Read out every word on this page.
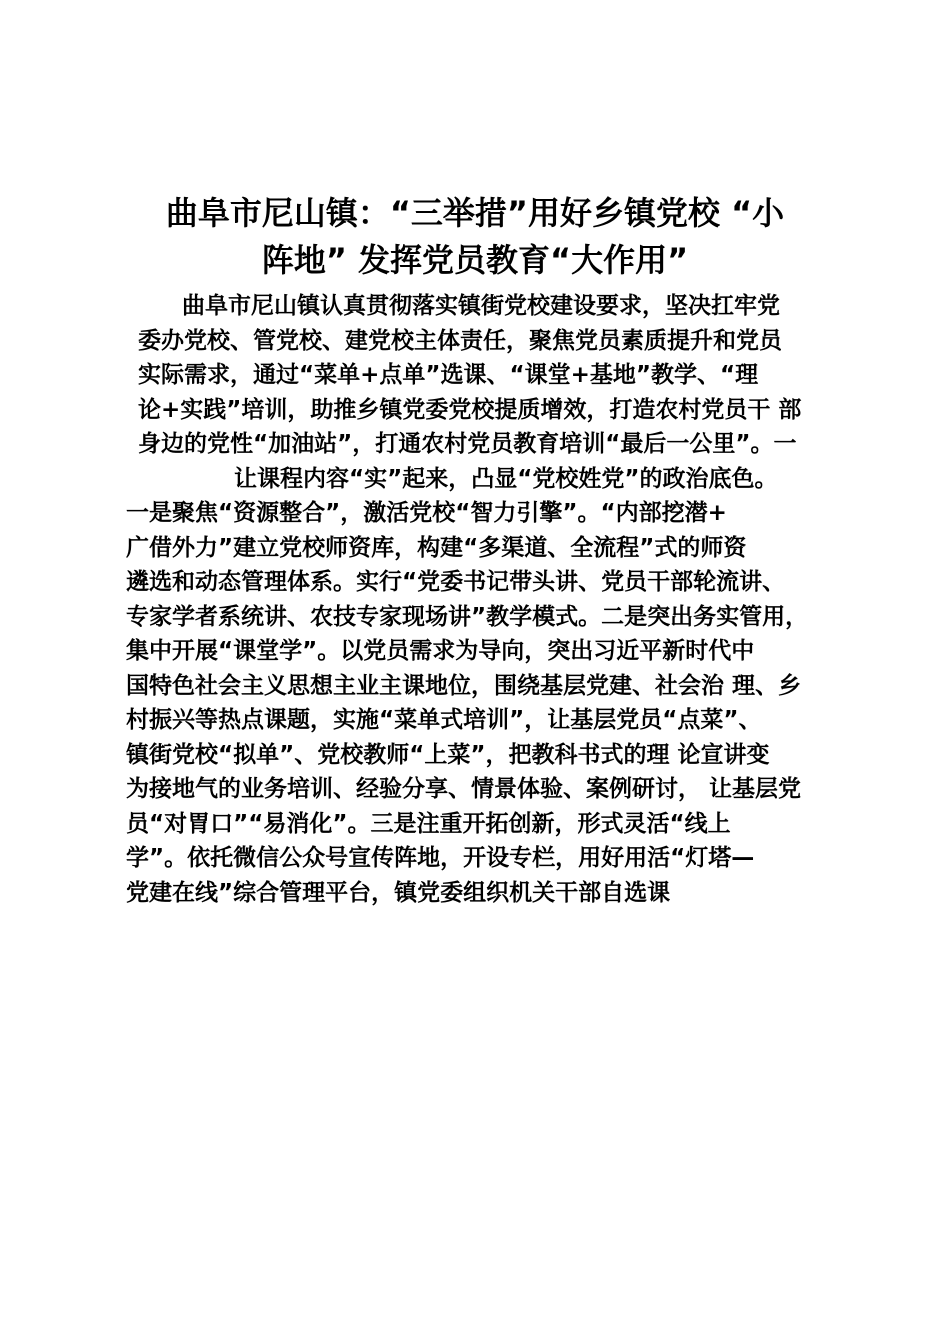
曲阜市尼山镇：“三举措”用好乡镇党校 “小
阵地” 发挥党员教育“大作用”
曲阜市尼山镇认真贯彻落实镇街党校建设要求，坚决扛牢党
委办党校、管党校、建党校主体责任，聚焦党员素质提升和党员
实际需求，通过“菜单+点单”选课、“课堂+基地”教学、“理
论+实践”培训，助推乡镇党委党校提质增效，打造农村党员干 部
身边的党性“加油站”，打通农村党员教育培训“最后一公里”。一
让课程内容“实”起来，凸显“党校姓党”的政治底色。
一是聚焦“资源整合”，激活党校“智力引擎”。“内部挖潜+
广借外力”建立党校师资库，构建“多渠道、全流程”式的师资
遴选和动态管理体系。实行“党委书记带头讲、党员干部轮流讲、
专家学者系统讲、农技专家现场讲”教学模式。二是突出务实管用，
集中开展“课堂学”。以党员需求为导向，突出习近平新时代中
国特色社会主义思想主业主课地位，围绕基层党建、社会治 理、乡
村振兴等热点课题，实施“菜单式培训”，让基层党员“点菜”、
镇街党校“拟单”、党校教师“上菜”，把教科书式的理 论宣讲变
为接地气的业务培训、经验分享、情景体验、案例研讨， 让基层党
员“对胃口”“易消化”。三是注重开拓创新，形式灵活“线上
学”。依托微信公众号宣传阵地，开设专栏，用好用活“灯塔—
党建在线”综合管理平台，镇党委组织机关干部自选课
